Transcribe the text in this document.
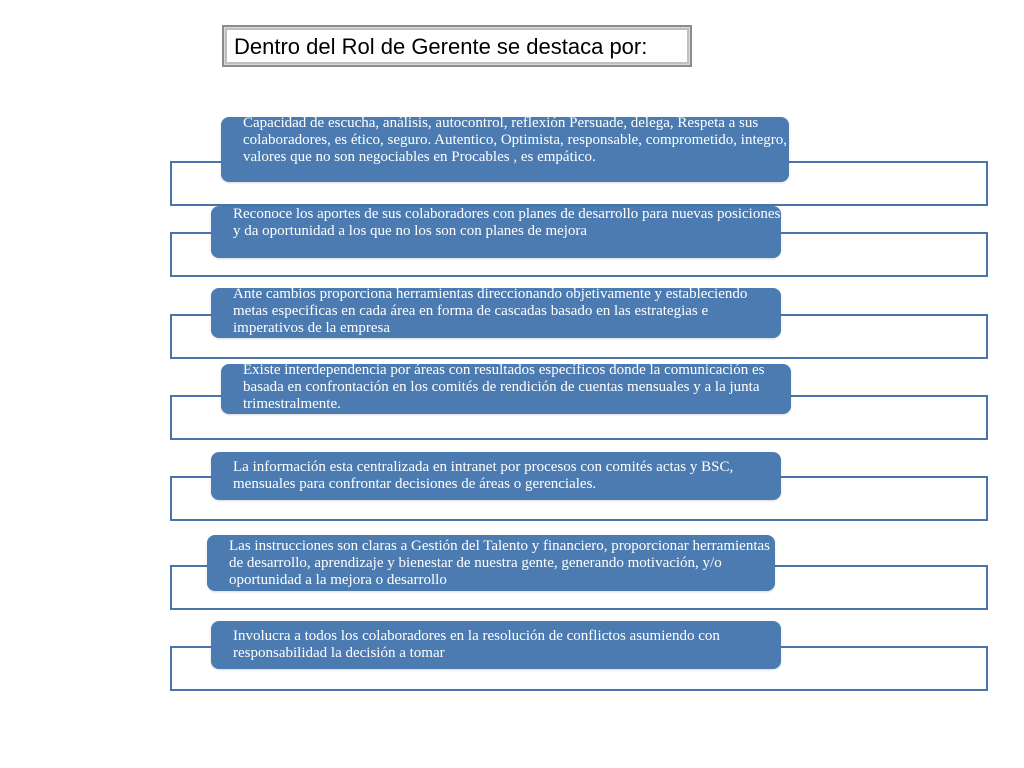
Dentro del Rol de Gerente se destaca por:
Capacidad de escucha, análisis, autocontrol, reflexión Persuade, delega, Respeta a sus colaboradores, es ético, seguro. Autentico, Optimista, responsable, comprometido, integro, valores que no son negociables en Procables , es empático.
Reconoce los aportes de sus colaboradores con planes de desarrollo para nuevas posiciones y da oportunidad a los que no los son con planes de mejora
Ante cambios proporciona herramientas direccionando objetivamente y estableciendo metas especificas en cada área en forma de cascadas basado en las estrategias e imperativos de la empresa
Existe interdependencia por áreas con resultados específicos donde la comunicación es basada en confrontación en los comités de rendición de cuentas mensuales y a la junta trimestralmente.
La información esta centralizada en intranet por procesos con comités actas y BSC, mensuales para confrontar decisiones de áreas o gerenciales.
Las instrucciones son claras a Gestión del Talento y financiero, proporcionar herramientas de desarrollo, aprendizaje y bienestar de nuestra gente, generando motivación, y/o oportunidad a la mejora o desarrollo
Involucra a todos los colaboradores en la resolución de conflictos asumiendo con responsabilidad la decisión a tomar
